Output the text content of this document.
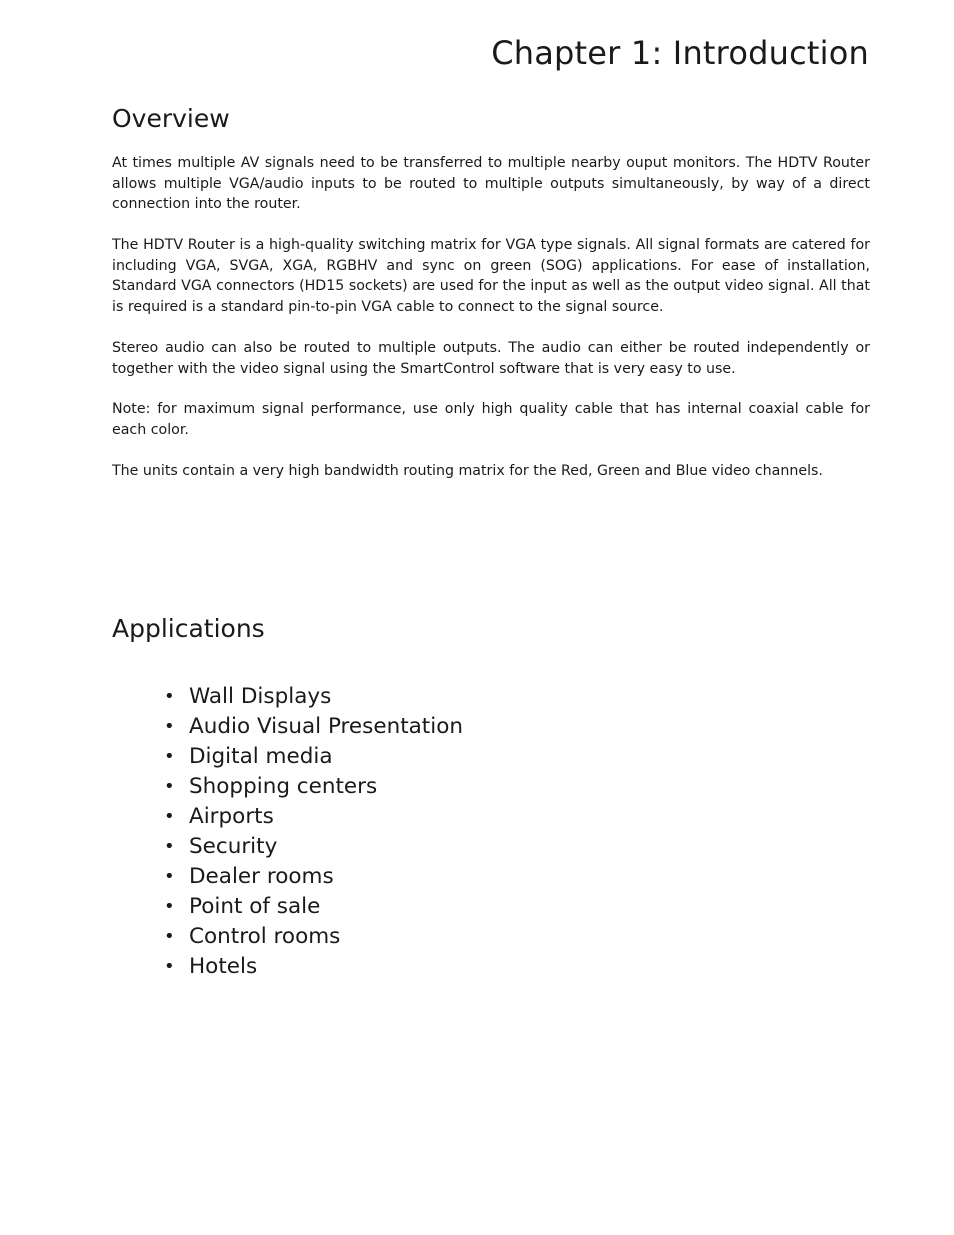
Chapter 1: Introduction
Overview

At times multiple AV signals need to be transferred to multiple nearby ouput monitors. The HDTV Router allows multiple VGA/audio inputs to be routed to multiple outputs simultaneously, by way of a direct connection into the router.

The HDTV Router is a high-quality switching matrix for VGA type signals. All signal formats are catered for including VGA, SVGA, XGA, RGBHV and sync on green (SOG) applications. For ease of installation, Standard VGA connectors (HD15 sockets) are used for the input as well as the output video signal. All that is required is a standard pin-to-pin VGA cable to connect to the signal source.

Stereo audio can also be routed to multiple outputs. The audio can either be routed independently or together with the video signal using the SmartControl software that is very easy to use.

Note: for maximum signal performance, use only high quality cable that has internal coaxial cable for each color.

The units contain a very high bandwidth routing matrix for the Red, Green and Blue video channels.

Applications
• Wall Displays
• Audio Visual Presentation
• Digital media
• Shopping centers
• Airports
• Security
• Dealer rooms
• Point of sale
• Control rooms
• Hotels
